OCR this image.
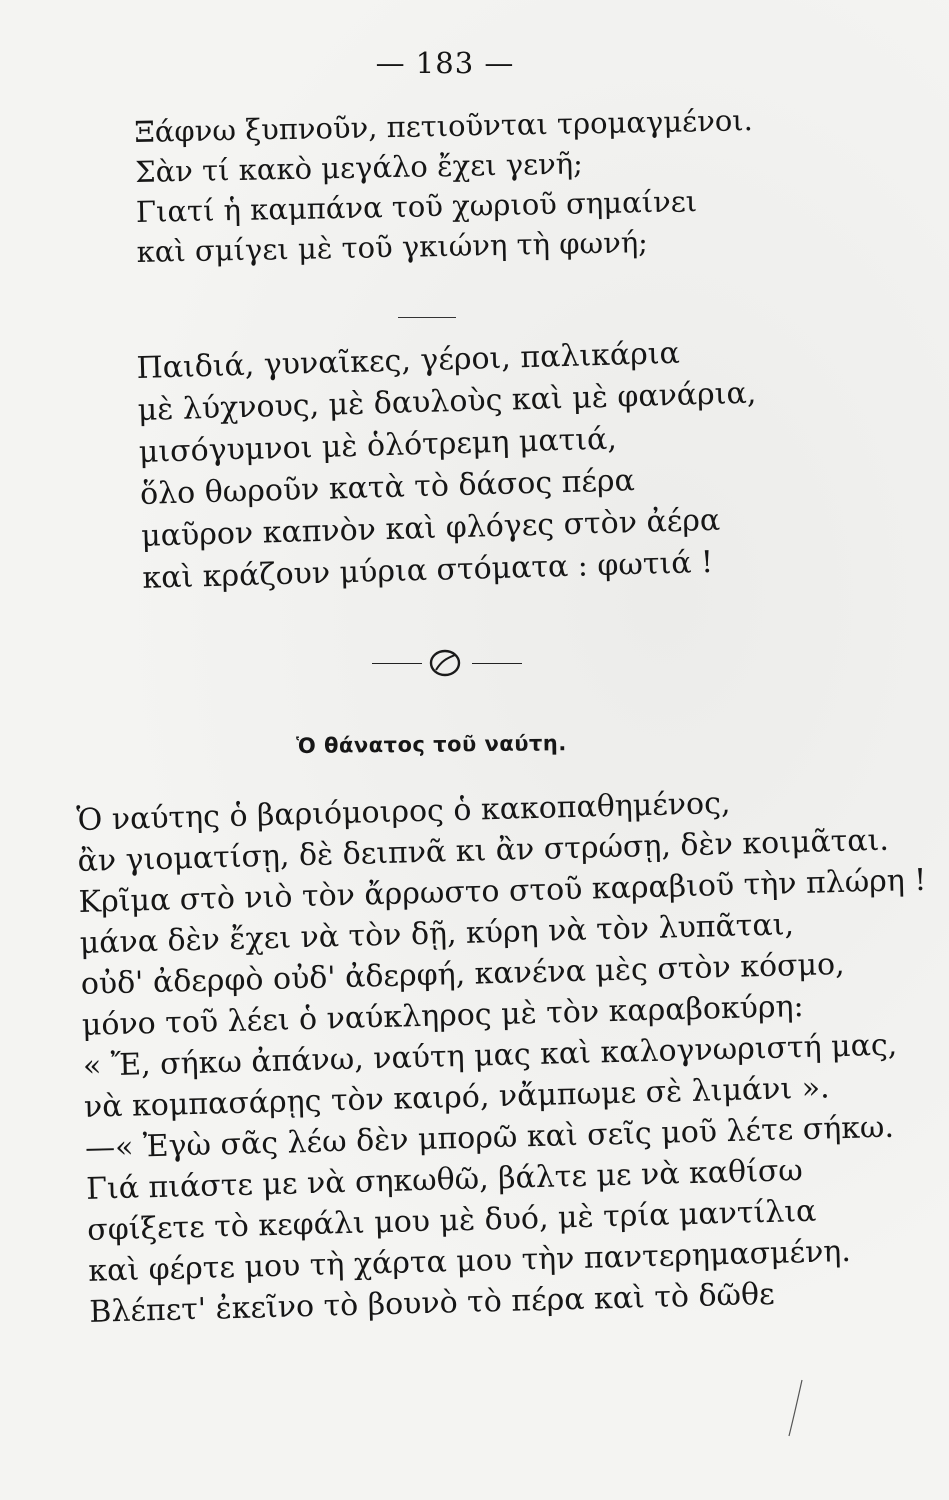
— 183 —
Ξάφνω ξυπνοῦν, πετιοῦνται τρομαγμένοι.
Σὰν τί κακὸ μεγάλο ἔχει γενῆ;
Γιατί ἡ καμπάνα τοῦ χωριοῦ σημαίνει
καὶ σμίγει μὲ τοῦ γκιώνη τὴ φωνή;
Παιδιά, γυναῖκες, γέροι, παλικάρια
μὲ λύχνους, μὲ δαυλοὺς καὶ μὲ φανάρια,
μισόγυμνοι μὲ ὁλότρεμη ματιά,
ὅλο θωροῦν κατὰ τὸ δάσος πέρα
μαῦρον καπνὸν καὶ φλόγες στὸν ἀέρα
καὶ κράζουν μύρια στόματα : φωτιά !
Ὁ θάνατος τοῦ ναύτη.
Ὁ ναύτης ὁ βαριόμοιρος ὁ κακοπαθημένος,
ἂν γιοματίσῃ, δὲ δειπνᾶ κι ἂν στρώσῃ, δὲν κοιμᾶται.
Κρῖμα στὸ νιὸ τὸν ἄρρωστο στοῦ καραβιοῦ τὴν πλώρη !
μάνα δὲν ἔχει νὰ τὸν δῇ, κύρη νὰ τὸν λυπᾶται,
οὐδ' ἀδερφὸ οὐδ' ἀδερφή, κανένα μὲς στὸν κόσμο,
μόνο τοῦ λέει ὁ ναύκληρος μὲ τὸν καραβοκύρη:
« Ἔ, σήκω ἀπάνω, ναύτη μας καὶ καλογνωριστή μας,
νὰ κομπασάρῃς τὸν καιρό, νἄμπωμε σὲ λιμάνι ».
—« Ἐγὼ σᾶς λέω δὲν μπορῶ καὶ σεῖς μοῦ λέτε σήκω.
Γιά πιάστε με νὰ σηκωθῶ, βάλτε με νὰ καθίσω
σφίξετε τὸ κεφάλι μου μὲ δυό, μὲ τρία μαντίλια
καὶ φέρτε μου τὴ χάρτα μου τὴν παντερημασμένη.
Βλέπετ' ἐκεῖνο τὸ βουνὸ τὸ πέρα καὶ τὸ δῶθε
